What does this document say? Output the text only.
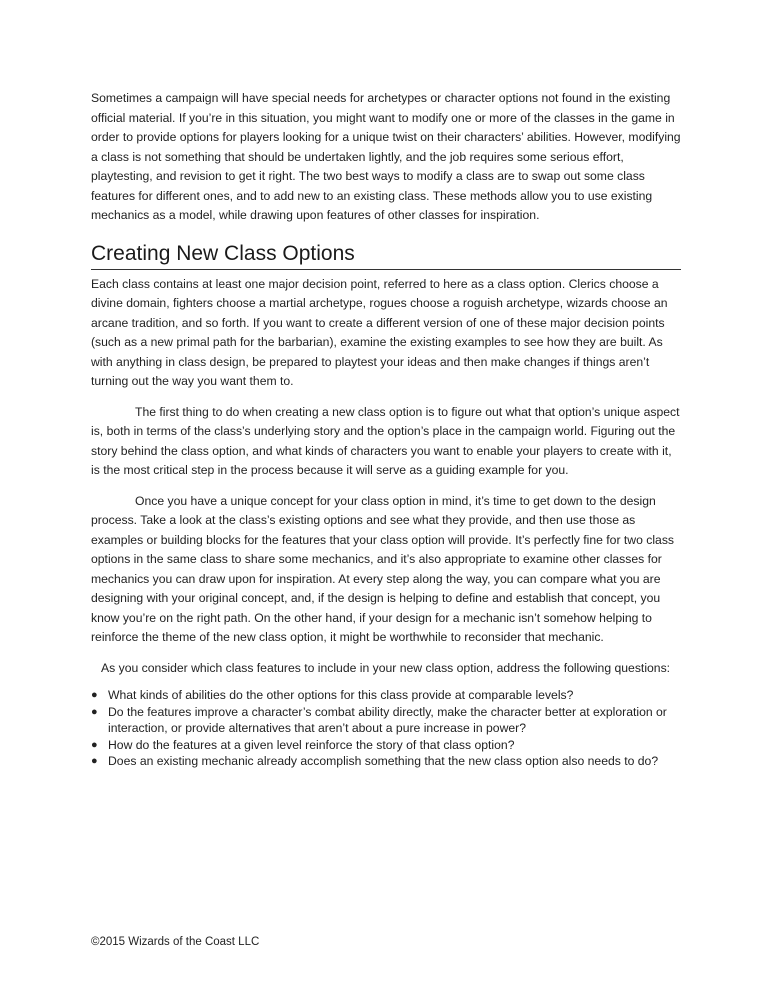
Sometimes a campaign will have special needs for archetypes or character options not found in the existing official material. If you’re in this situation, you might want to modify one or more of the classes in the game in order to provide options for players looking for a unique twist on their characters’ abilities. However, modifying a class is not something that should be undertaken lightly, and the job requires some serious effort, playtesting, and revision to get it right. The two best ways to modify a class are to swap out some class features for different ones, and to add new to an existing class. These methods allow you to use existing mechanics as a model, while drawing upon features of other classes for inspiration.

Creating New Class Options

Each class contains at least one major decision point, referred to here as a class option. Clerics choose a divine domain, fighters choose a martial archetype, rogues choose a roguish archetype, wizards choose an arcane tradition, and so forth. If you want to create a different version of one of these major decision points (such as a new primal path for the barbarian), examine the existing examples to see how they are built. As with anything in class design, be prepared to playtest your ideas and then make changes if things aren’t turning out the way you want them to.

The first thing to do when creating a new class option is to figure out what that option’s unique aspect is, both in terms of the class’s underlying story and the option’s place in the campaign world. Figuring out the story behind the class option, and what kinds of characters you want to enable your players to create with it, is the most critical step in the process because it will serve as a guiding example for you.

Once you have a unique concept for your class option in mind, it’s time to get down to the design process. Take a look at the class’s existing options and see what they provide, and then use those as examples or building blocks for the features that your class option will provide. It’s perfectly fine for two class options in the same class to share some mechanics, and it’s also appropriate to examine other classes for mechanics you can draw upon for inspiration. At every step along the way, you can compare what you are designing with your original concept, and, if the design is helping to define and establish that concept, you know you’re on the right path. On the other hand, if your design for a mechanic isn’t somehow helping to reinforce the theme of the new class option, it might be worthwhile to reconsider that mechanic.

As you consider which class features to include in your new class option, address the following questions:

● What kinds of abilities do the other options for this class provide at comparable levels?
● Do the features improve a character’s combat ability directly, make the character better at exploration or interaction, or provide alternatives that aren’t about a pure increase in power?
● How do the features at a given level reinforce the story of that class option?
● Does an existing mechanic already accomplish something that the new class option also needs to do?
©2015 Wizards of the Coast LLC
